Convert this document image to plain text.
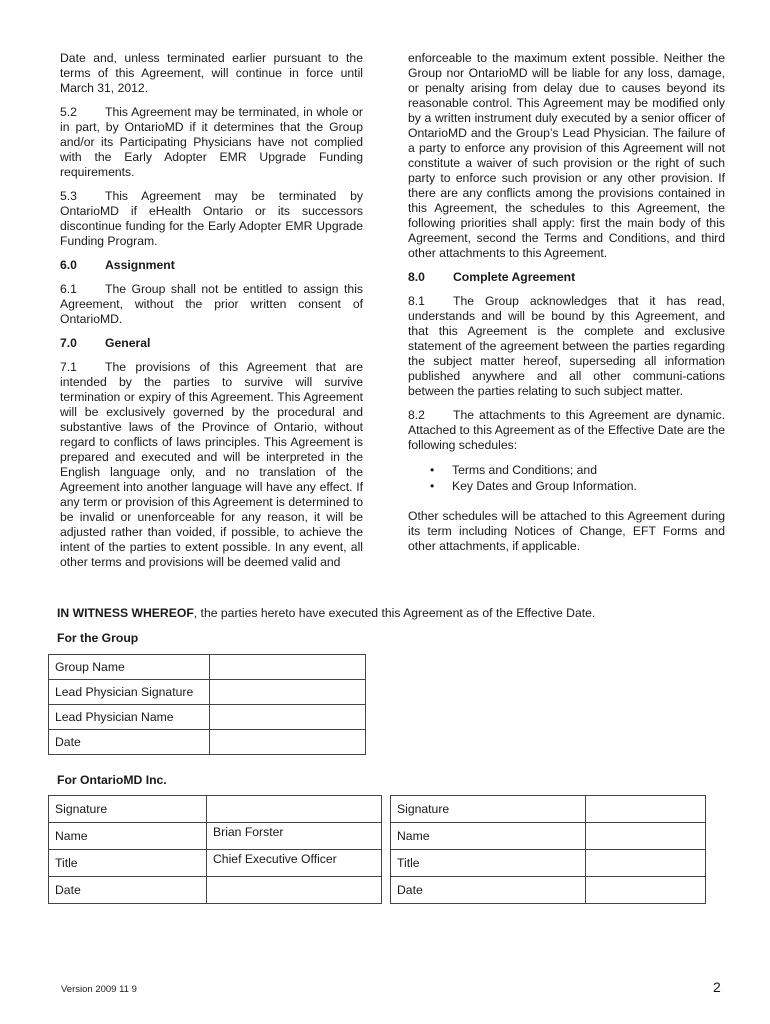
Date and, unless terminated earlier pursuant to the terms of this Agreement, will continue in force until March 31, 2012.

5.2 This Agreement may be terminated, in whole or in part, by OntarioMD if it determines that the Group and/or its Participating Physicians have not complied with the Early Adopter EMR Upgrade Funding requirements.

5.3 This Agreement may be terminated by OntarioMD if eHealth Ontario or its successors discontinue funding for the Early Adopter EMR Upgrade Funding Program.

6.0 Assignment

6.1 The Group shall not be entitled to assign this Agreement, without the prior written consent of OntarioMD.

7.0 General

7.1 The provisions of this Agreement that are intended by the parties to survive will survive termination or expiry of this Agreement. This Agreement will be exclusively governed by the procedural and substantive laws of the Province of Ontario, without regard to conflicts of laws principles. This Agreement is prepared and executed and will be interpreted in the English language only, and no translation of the Agreement into another language will have any effect. If any term or provision of this Agreement is determined to be invalid or unenforceable for any reason, it will be adjusted rather than voided, if possible, to achieve the intent of the parties to extent possible. In any event, all other terms and provisions will be deemed valid and

enforceable to the maximum extent possible. Neither the Group nor OntarioMD will be liable for any loss, damage, or penalty arising from delay due to causes beyond its reasonable control. This Agreement may be modified only by a written instrument duly executed by a senior officer of OntarioMD and the Group’s Lead Physician. The failure of a party to enforce any provision of this Agreement will not constitute a waiver of such provision or the right of such party to enforce such provision or any other provision. If there are any conflicts among the provisions contained in this Agreement, the schedules to this Agreement, the following priorities shall apply: first the main body of this Agreement, second the Terms and Conditions, and third other attachments to this Agreement.

8.0 Complete Agreement

8.1 The Group acknowledges that it has read, understands and will be bound by this Agreement, and that this Agreement is the complete and exclusive statement of the agreement between the parties regarding the subject matter hereof, superseding all information published anywhere and all other communi-cations between the parties relating to such subject matter.

8.2 The attachments to this Agreement are dynamic. Attached to this Agreement as of the Effective Date are the following schedules:

• Terms and Conditions; and
• Key Dates and Group Information.

Other schedules will be attached to this Agreement during its term including Notices of Change, EFT Forms and other attachments, if applicable.

IN WITNESS WHEREOF, the parties hereto have executed this Agreement as of the Effective Date.
For the Group
Group Name	
Lead Physician Signature	
Lead Physician Name	
Date	
For OntarioMD Inc.
Signature			Signature	
Name	Brian Forster		Name	
Title	Chief Executive Officer		Title	
Date			Date	
Version 2009 11 9	2
